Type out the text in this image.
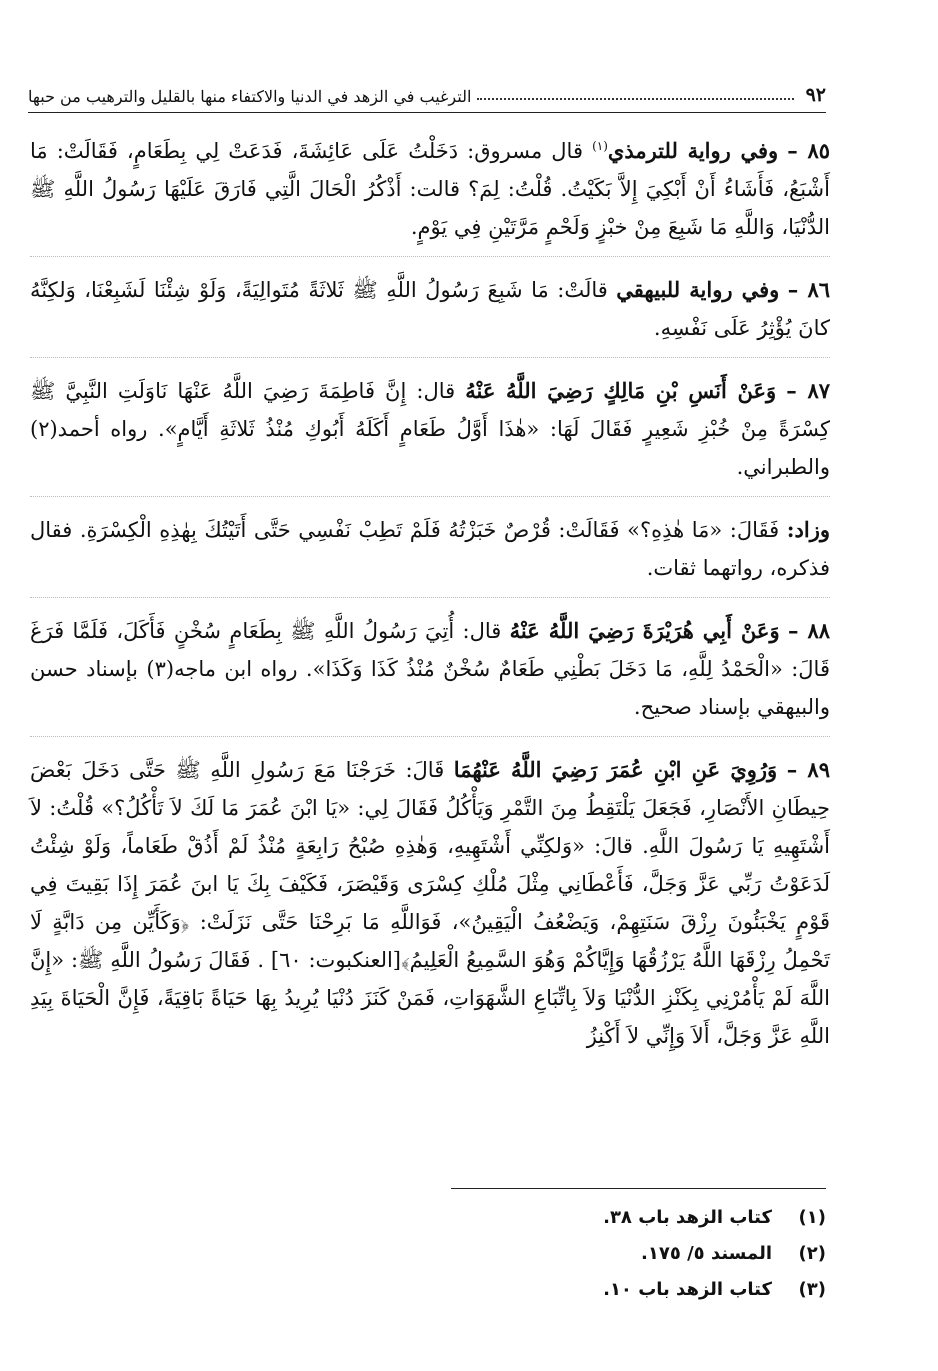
٩٢
الترغيب في الزهد في الدنيا والاكتفاء منها بالقليل والترهيب من حبها

٨٥ – وفي رواية للترمذي$^{(١)}$ قال مسروق: دَخَلْتُ عَلَى عَائِشَةَ، فَدَعَتْ لِي بِطَعَامٍ، فَقَالَتْ: مَا أَشْبَعُ، فَأَشَاءُ أَنْ أَبْكِيَ إِلاَّ بَكَيْتُ. قُلْتُ: لِمَ؟ قالت: أَذْكُرُ الْحَالَ الَّتِي فَارَقَ عَلَيْهَا رَسُولُ اللَّهِ ﷺ الدُّنْيَا، وَاللَّهِ مَا شَبِعَ مِنْ خبْزٍ وَلَحْمٍ مَرَّتَيْنِ فِي يَوْمٍ.

٨٦ – وفي رواية للبيهقي قالَتْ: مَا شَبِعَ رَسُولُ اللَّهِ ﷺ ثَلاثَةً مُتَوالِيَةً، وَلَوْ شِئْنَا لَشَبِعْنَا، وَلكِنَّهُ كانَ يُؤْثِرُ عَلَى نَفْسِهِ.

٨٧ – وَعَنْ أَنَسِ بْنِ مَالِكٍ رَضِيَ اللَّهُ عَنْهُ قال: إِنَّ فَاطِمَةَ رَضِيَ اللَّهُ عَنْهَا نَاوَلَتِ النَّبِيَّ ﷺ كِسْرَةً مِنْ خُبْزِ شَعِيرٍ فَقَالَ لَهَا: «هٰذَا أَوَّلُ طَعَامٍ أَكَلَهُ أَبُوكِ مُنْذُ ثَلاثَةِ أَيَّامٍ». رواه أحمد(٢) والطبراني.

وزاد: فَقَالَ: «مَا هٰذِهِ؟» فَقَالَتْ: قُرْصٌ خَبَزْتُهُ فَلَمْ تَطِبْ نَفْسِي حَتَّى أَتَيْتُكَ بِهٰذِهِ الْكِسْرَةِ. فقال فذكره، رواتهما ثقات.

٨٨ – وَعَنْ أَبِي هُرَيْرَةَ رَضِيَ اللَّهُ عَنْهُ قال: أُتِيَ رَسُولُ اللَّهِ ﷺ بِطَعَامٍ سُخْنٍ فَأَكَلَ، فَلَمَّا فَرَغَ قَالَ: «الْحَمْدُ لِلَّهِ، مَا دَخَلَ بَطْنِي طَعَامٌ سُخْنٌ مُنْذُ كَذَا وَكَذَا». رواه ابن ماجه(٣) بإسناد حسن والبيهقي بإسناد صحيح.

٨٩ – وَرُوِيَ عَنِ ابْنِ عُمَرَ رَضِيَ اللَّهُ عَنْهُمَا قَالَ: خَرَجْنَا مَعَ رَسُولِ اللَّهِ ﷺ حَتَّى دَخَلَ بَعْضَ حِيطَانِ الأَنْصَارِ، فَجَعَلَ يَلْتَقِطُ مِنَ التَّمْرِ وَيَأْكُلُ فَقَالَ لِي: «يَا ابْنَ عُمَرَ مَا لَكَ لاَ تَأْكُلُ؟» قُلْتُ: لاَ أَشْتَهِيهِ يَا رَسُولَ اللَّهِ. قالَ: «وَلكِنِّي أَشْتَهِيهِ، وَهٰذِهِ صُبْحُ رَابِعَةٍ مُنْذُ لَمْ أَذُقْ طَعَاماً، وَلَوْ شِئْتُ لَدَعَوْتُ رَبِّي عَزَّ وَجَلَّ، فَأَعْطَانِي مِثْلَ مُلْكِ كِسْرَى وَقَيْصَرَ، فَكَيْفَ بِكَ يَا ابنَ عُمَرَ إِذَا بَقِيتَ فِي قَوْمٍ يَخْبَئُونَ رِزْقَ سَنَتِهِمْ، وَيَضْعُفُ الْيَقِينُ»، فَوَاللَّهِ مَا بَرِحْنَا حَتَّى نَزَلَتْ: ﴿وَكَأَيِّن مِن دَابَّةٍ لَا تَحْمِلُ رِزْقَهَا اللَّهُ يَرْزُقُهَا وَإِيَّاكُمْ وَهُوَ السَّمِيعُ الْعَلِيمُ﴾[العنكبوت: ٦٠] . فَقَالَ رَسُولُ اللَّهِ ﷺ: «إِنَّ اللَّهَ لَمْ يَأْمُرْنِي بِكَنْزِ الدُّنْيَا وَلاَ بِاتِّبَاعِ الشَّهَوَاتِ، فَمَنْ كَنَزَ دُنْيَا يُرِيدُ بِهَا حَيَاةً بَاقِيَةً، فَإِنَّ الْحَيَاةَ بِيَدِ اللَّهِ عَزَّ وَجَلَّ، أَلاَ وَإِنِّي لاَ أَكْنِزُ

(١)
كتاب الزهد باب ٣٨.
(٢)
المسند ٥/ ١٧٥.
(٣)
كتاب الزهد باب ١٠.
